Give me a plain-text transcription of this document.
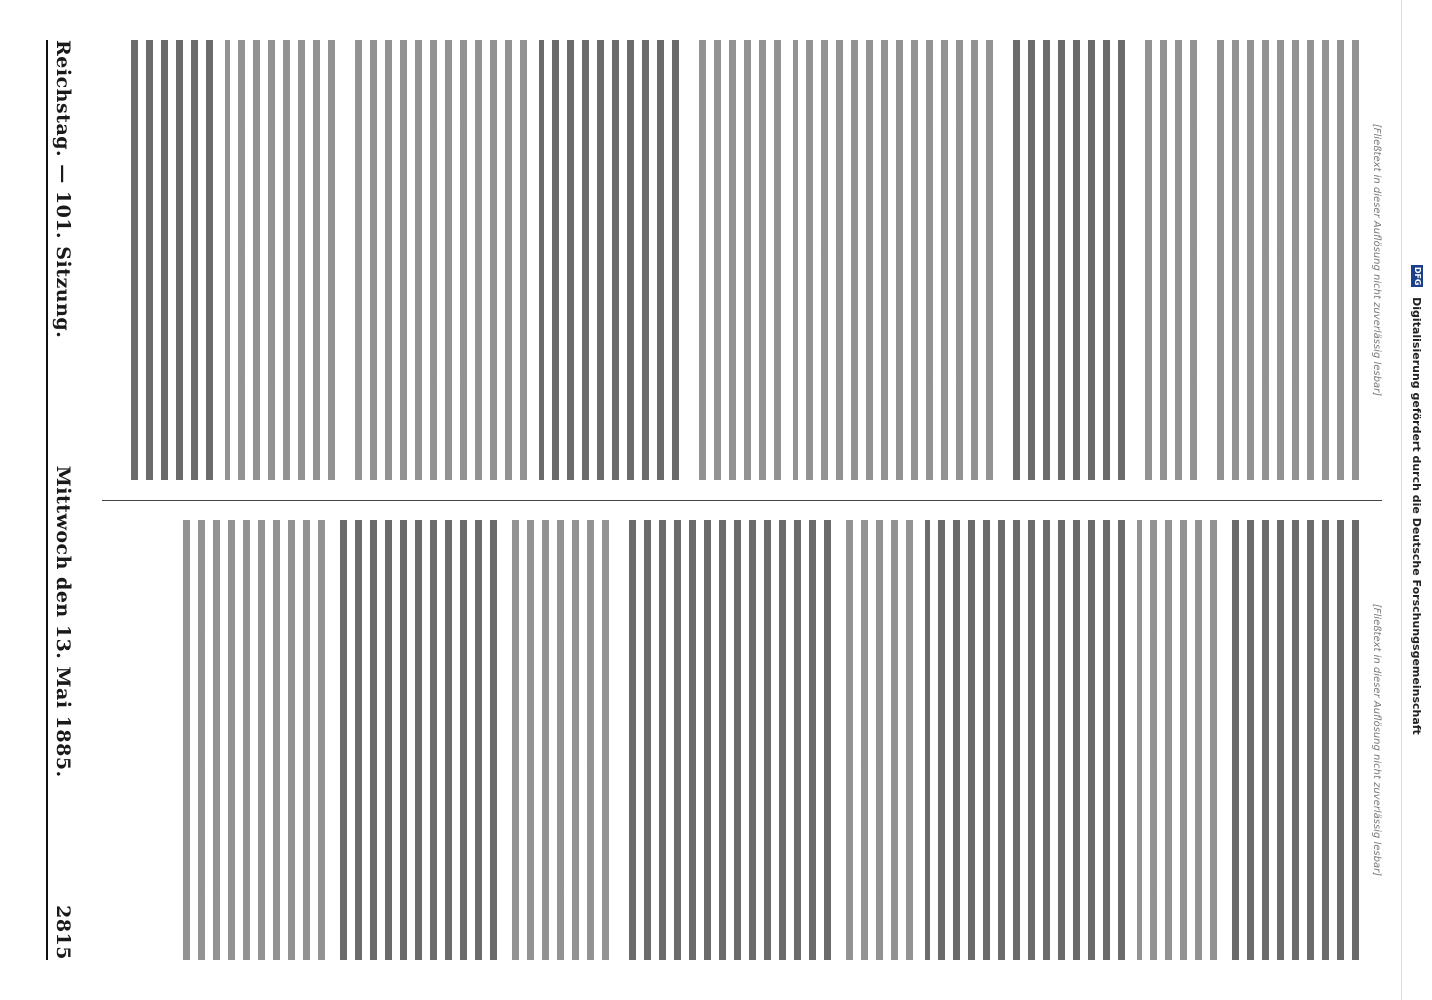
DFG
Digitalisierung gefördert durch die Deutsche Forschungsgemeinschaft
[Fließtext in dieser Auflösung nicht zuverlässig lesbar]
[Fließtext in dieser Auflösung nicht zuverlässig lesbar]
Reichstag. — 101. Sitzung.
Mittwoch den 13. Mai 1885.
2815
